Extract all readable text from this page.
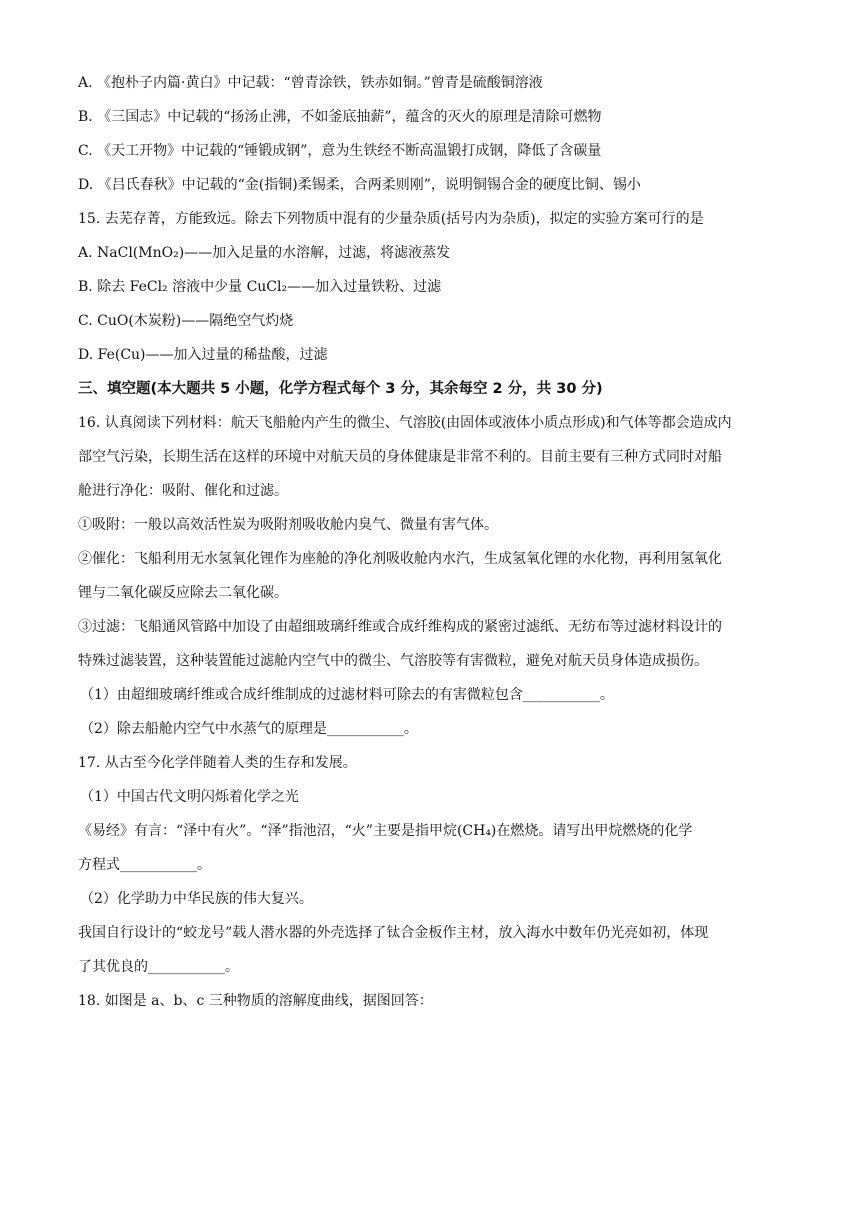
A. 《抱朴子内篇·黄白》中记载：“曾青涂铁，铁赤如铜。”曾青是硫酸铜溶液
B. 《三国志》中记载的“扬汤止沸，不如釜底抽薪”，蕴含的灭火的原理是清除可燃物
C. 《天工开物》中记载的“锤锻成钢”，意为生铁经不断高温锻打成钢，降低了含碳量
D. 《吕氏春秋》中记载的“金(指铜)柔锡柔，合两柔则刚”，说明铜锡合金的硬度比铜、锡小
15. 去芜存菁，方能致远。除去下列物质中混有的少量杂质(括号内为杂质)，拟定的实验方案可行的是
A. NaCl(MnO₂)——加入足量的水溶解，过滤，将滤液蒸发
B. 除去 FeCl₂ 溶液中少量 CuCl₂——加入过量铁粉、过滤
C. CuO(木炭粉)——隔绝空气灼烧
D. Fe(Cu)——加入过量的稀盐酸，过滤
三、填空题(本大题共 5 小题，化学方程式每个 3 分，其余每空 2 分，共 30 分)
16. 认真阅读下列材料：航天飞船舱内产生的微尘、气溶胶(由固体或液体小质点形成)和气体等都会造成内
部空气污染，长期生活在这样的环境中对航天员的身体健康是非常不利的。目前主要有三种方式同时对船
舱进行净化：吸附、催化和过滤。
①吸附：一般以高效活性炭为吸附剂吸收舱内臭气、微量有害气体。
②催化：飞船利用无水氢氧化锂作为座舱的净化剂吸收舱内水汽，生成氢氧化锂的水化物，再利用氢氧化
锂与二氧化碳反应除去二氧化碳。
③过滤：飞船通风管路中加设了由超细玻璃纤维或合成纤维构成的紧密过滤纸、无纺布等过滤材料设计的
特殊过滤装置，这种装置能过滤舱内空气中的微尘、气溶胶等有害微粒，避免对航天员身体造成损伤。
（1）由超细玻璃纤维或合成纤维制成的过滤材料可除去的有害微粒包含___________。
（2）除去船舱内空气中水蒸气的原理是___________。
17. 从古至今化学伴随着人类的生存和发展。
（1）中国古代文明闪烁着化学之光
《易经》有言：“泽中有火”。“泽”指池沼，“火”主要是指甲烷(CH₄)在燃烧。请写出甲烷燃烧的化学
方程式___________。
（2）化学助力中华民族的伟大复兴。
我国自行设计的“蛟龙号”载人潜水器的外壳选择了钛合金板作主材，放入海水中数年仍光亮如初，体现
了其优良的___________。
18. 如图是 a、b、c 三种物质的溶解度曲线，据图回答：
